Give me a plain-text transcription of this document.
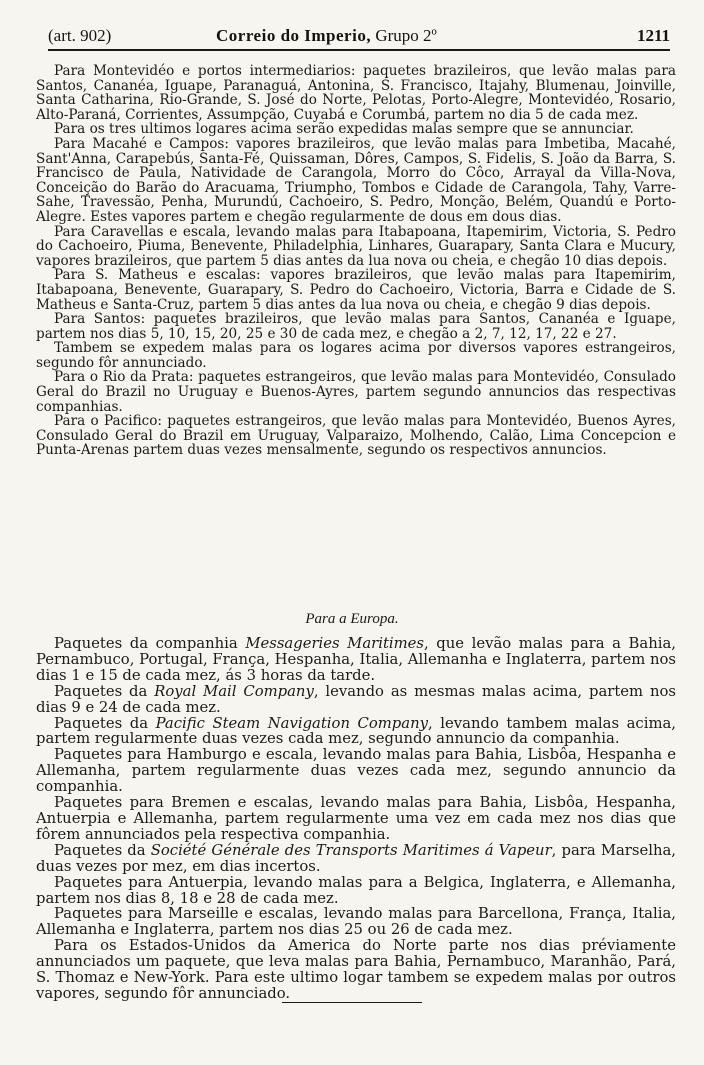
(art. 902)	Correio do Imperio, Grupo 2º	1211

Para Montevidéo e portos intermediarios: paquetes brazileiros, que levão malas para Santos, Cananéa, Iguape, Paranaguá, Antonina, S. Francisco, Itajahy, Blumenau, Joinville, Santa Catharina, Rio-Grande, S. José do Norte, Pelotas, Porto-Alegre, Montevidéo, Rosario, Alto-Paraná, Corrientes, Assumpção, Cuyabá e Corumbá, partem no dia 5 de cada mez.

Para os tres ultimos logares acima serão expedidas malas sempre que se annunciar.

Para Macahé e Campos: vapores brazileiros, que levão malas para Imbetiba, Macahé, Sant'Anna, Carapebús, Santa-Fé, Quissaman, Dôres, Campos, S. Fidelis, S. João da Barra, S. Francisco de Paula, Natividade de Carangola, Morro do Côco, Arrayal da Villa-Nova, Conceição do Barão do Aracuama, Triumpho, Tombos e Cidade de Carangola, Tahy, Varre-Sahe, Travessão, Penha, Murundú, Cachoeiro, S. Pedro, Monção, Belém, Quandú e Porto-Alegre. Estes vapores partem e chegão regularmente de dous em dous dias.

Para Caravellas e escala, levando malas para Itabapoana, Itapemirim, Victoria, S. Pedro do Cachoeiro, Piuma, Benevente, Philadelphia, Linhares, Guarapary, Santa Clara e Mucury, vapores brazileiros, que partem 5 dias antes da lua nova ou cheia, e chegão 10 dias depois.

Para S. Matheus e escalas: vapores brazileiros, que levão malas para Itapemirim, Itabapoana, Benevente, Guarapary, S. Pedro do Cachoeiro, Victoria, Barra e Cidade de S. Matheus e Santa-Cruz, partem 5 dias antes da lua nova ou cheia, e chegão 9 dias depois.

Para Santos: paquetes brazileiros, que levão malas para Santos, Cananéa e Iguape, partem nos dias 5, 10, 15, 20, 25 e 30 de cada mez, e chegão a 2, 7, 12, 17, 22 e 27.

Tambem se expedem malas para os logares acima por diversos vapores estrangeiros, segundo fôr annunciado.

Para o Rio da Prata: paquetes estrangeiros, que levão malas para Montevidéo, Consulado Geral do Brazil no Uruguay e Buenos-Ayres, partem segundo annuncios das respectivas companhias.

Para o Pacifico: paquetes estrangeiros, que levão malas para Montevidéo, Buenos Ayres, Consulado Geral do Brazil em Uruguay, Valparaizo, Molhendo, Calão, Lima Concepcion e Punta-Arenas partem duas vezes mensalmente, segundo os respectivos annuncios.

Para a Europa.

Paquetes da companhia Messageries Maritimes, que levão malas para a Bahia, Pernambuco, Portugal, França, Hespanha, Italia, Allemanha e Inglaterra, partem nos dias 1 e 15 de cada mez, ás 3 horas da tarde.

Paquetes da Royal Mail Company, levando as mesmas malas acima, partem nos dias 9 e 24 de cada mez.

Paquetes da Pacific Steam Navigation Company, levando tambem malas acima, partem regularmente duas vezes cada mez, segundo annuncio da companhia.

Paquetes para Hamburgo e escala, levando malas para Bahia, Lisbôa, Hespanha e Allemanha, partem regularmente duas vezes cada mez, segundo annuncio da companhia.

Paquetes para Bremen e escalas, levando malas para Bahia, Lisbôa, Hespanha, Antuerpia e Allemanha, partem regularmente uma vez em cada mez nos dias que fôrem annunciados pela respectiva companhia.

Paquetes da Société Générale des Transports Maritimes á Vapeur, para Marselha, duas vezes por mez, em dias incertos.

Paquetes para Antuerpia, levando malas para a Belgica, Inglaterra, e Allemanha, partem nos dias 8, 18 e 28 de cada mez.

Paquetes para Marseille e escalas, levando malas para Barcellona, França, Italia, Allemanha e Inglaterra, partem nos dias 25 ou 26 de cada mez.

Para os Estados-Unidos da America do Norte parte nos dias préviamente annunciados um paquete, que leva malas para Bahia, Pernambuco, Maranhão, Pará, S. Thomaz e New-York. Para este ultimo logar tambem se expedem malas por outros vapores, segundo fôr annunciado.
